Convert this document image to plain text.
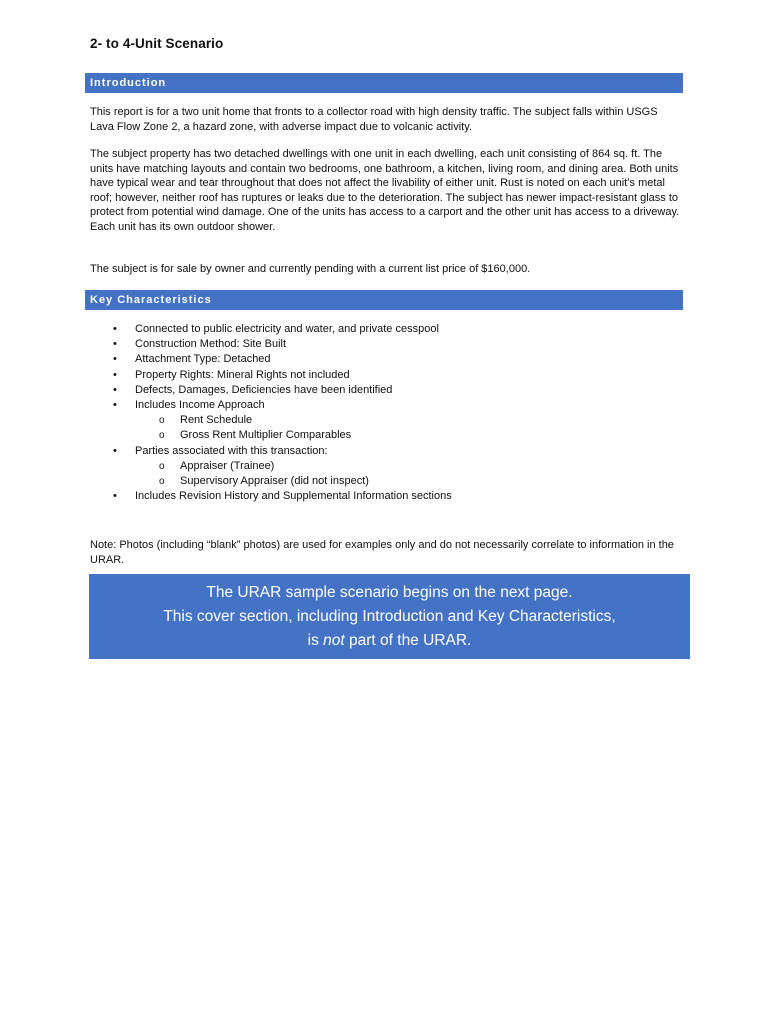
2- to 4-Unit Scenario
Introduction

This report is for a two unit home that fronts to a collector road with high density traffic. The subject falls within USGS Lava Flow Zone 2, a hazard zone, with adverse impact due to volcanic activity.

The subject property has two detached dwellings with one unit in each dwelling, each unit consisting of 864 sq. ft. The units have matching layouts and contain two bedrooms, one bathroom, a kitchen, living room, and dining area. Both units have typical wear and tear throughout that does not affect the livability of either unit. Rust is noted on each unit’s metal roof; however, neither roof has ruptures or leaks due to the deterioration. The subject has newer impact-resistant glass to protect from potential wind damage. One of the units has access to a carport and the other unit has access to a driveway. Each unit has its own outdoor shower.

The subject is for sale by owner and currently pending with a current list price of $160,000.

Key Characteristics
• Connected to public electricity and water, and private cesspool
• Construction Method: Site Built
• Attachment Type: Detached
• Property Rights: Mineral Rights not included
• Defects, Damages, Deficiencies have been identified
• Includes Income Approach
o Rent Schedule
o Gross Rent Multiplier Comparables
• Parties associated with this transaction:
o Appraiser (Trainee)
o Supervisory Appraiser (did not inspect)
• Includes Revision History and Supplemental Information sections

Note: Photos (including “blank” photos) are used for examples only and do not necessarily correlate to information in the URAR.

The URAR sample scenario begins on the next page.
This cover section, including Introduction and Key Characteristics,
is not part of the URAR.
